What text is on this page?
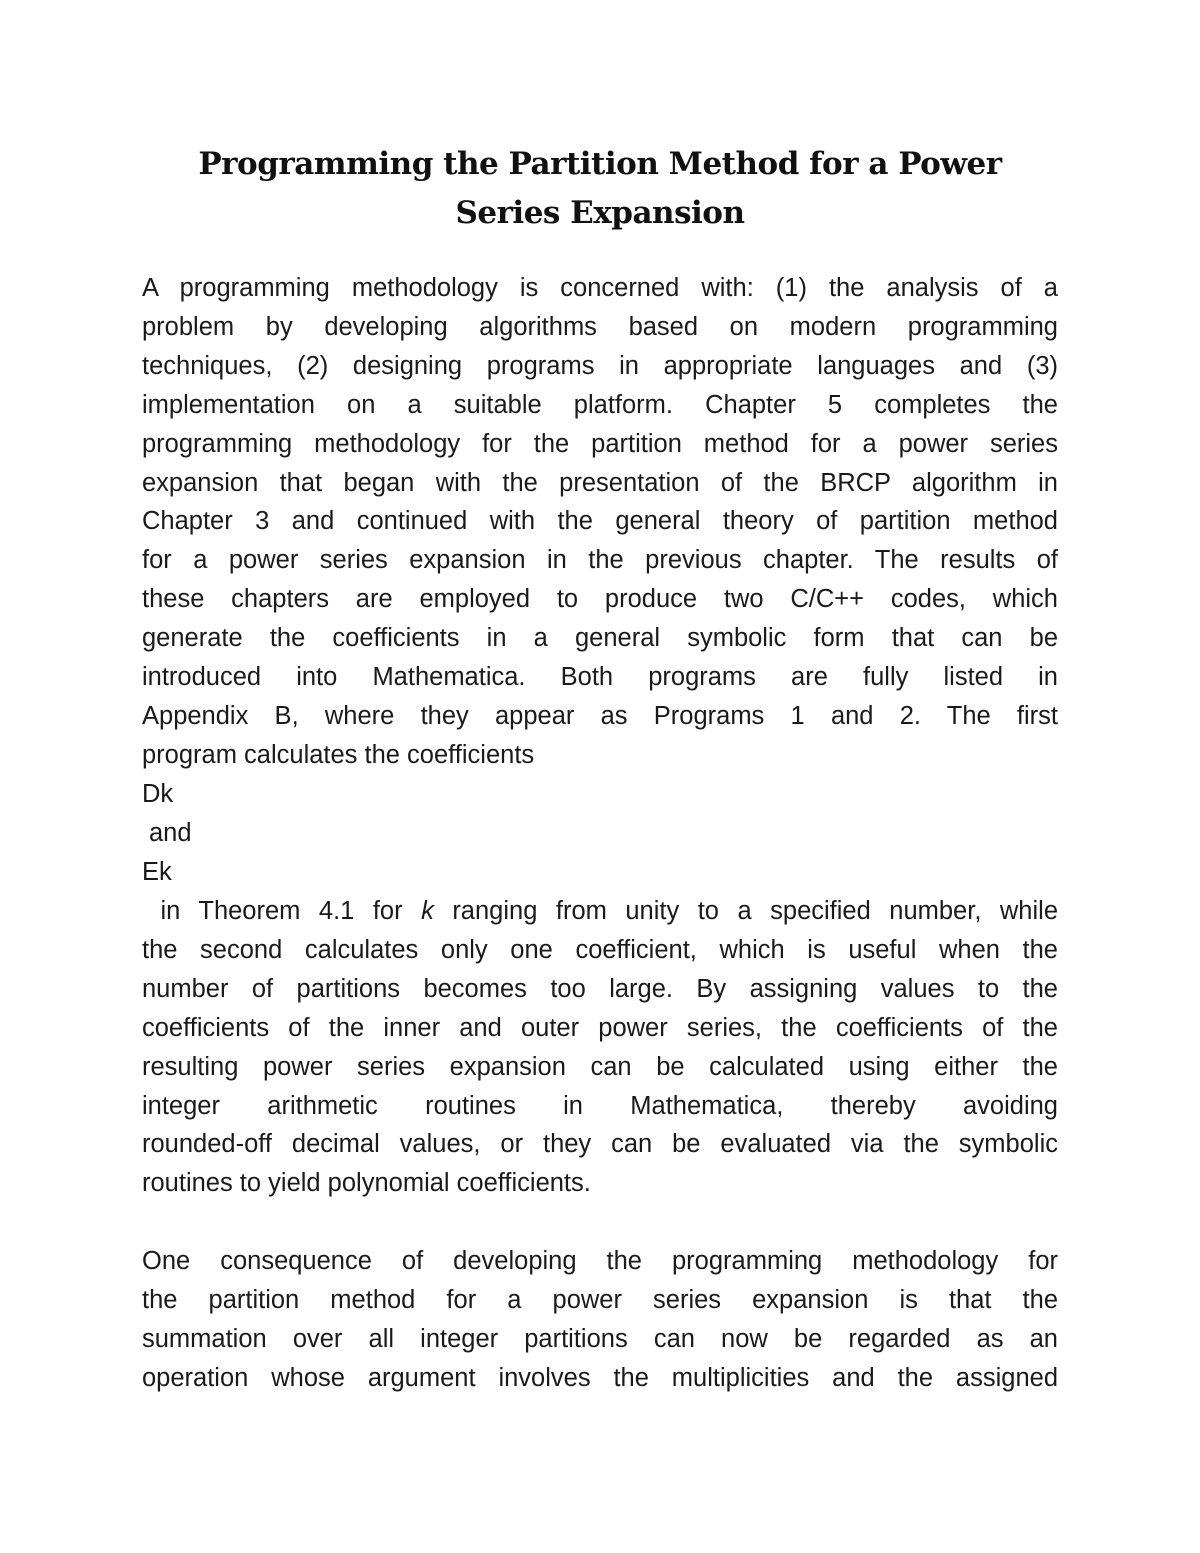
Programming the Partition Method for a Power
Series Expansion
A programming methodology is concerned with: (1) the analysis of a
problem by developing algorithms based on modern programming
techniques, (2) designing programs in appropriate languages and (3)
implementation on a suitable platform. Chapter 5 completes the
programming methodology for the partition method for a power series
expansion that began with the presentation of the BRCP algorithm in
Chapter 3 and continued with the general theory of partition method
for a power series expansion in the previous chapter. The results of
these chapters are employed to produce two C/C++ codes, which
generate the coefficients in a general symbolic form that can be
introduced into Mathematica. Both programs are fully listed in
Appendix B, where they appear as Programs 1 and 2. The first
program calculates the coefficients
Dk
and
Ek
in Theorem 4.1 for k ranging from unity to a specified number, while
the second calculates only one coefficient, which is useful when the
number of partitions becomes too large. By assigning values to the
coefficients of the inner and outer power series, the coefficients of the
resulting power series expansion can be calculated using either the
integer arithmetic routines in Mathematica, thereby avoiding
rounded-off decimal values, or they can be evaluated via the symbolic
routines to yield polynomial coefficients.
One consequence of developing the programming methodology for
the partition method for a power series expansion is that the
summation over all integer partitions can now be regarded as an
operation whose argument involves the multiplicities and the assigned
